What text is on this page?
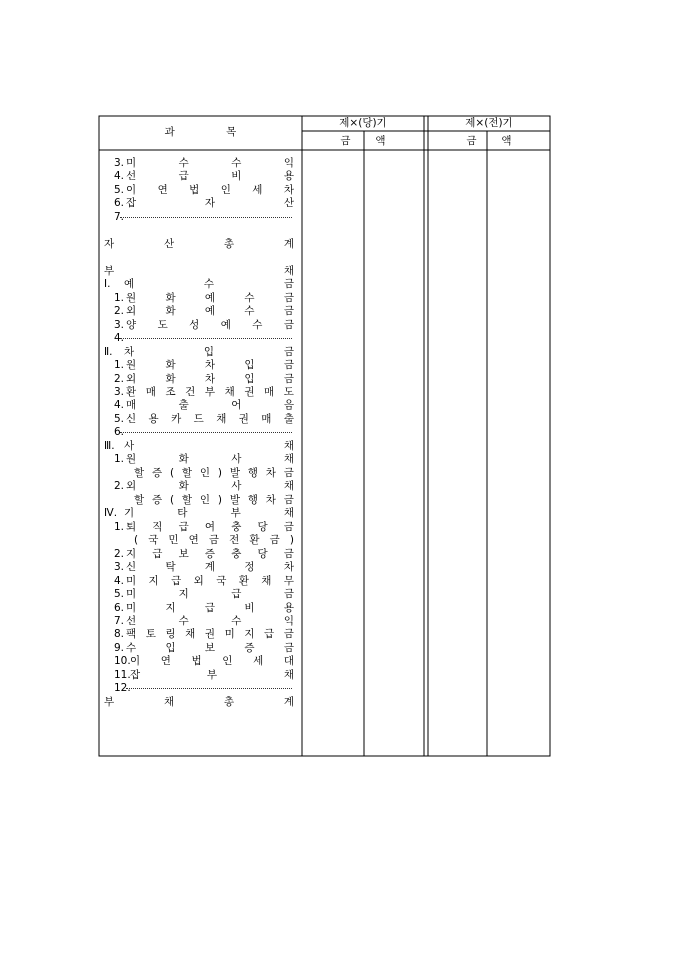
과	목
제×(당)기	제×(전)기
금 액	금 액
3. 미	수	수	익
4. 선	급	비	용
5. 이 연 법 인 세 차
6. 잡	자	산
7.
자	산	총	계
부	채
Ⅰ. 예	수	금
1. 원	화	예	수	금
2. 외	화	예	수	금
3. 양 도 성 예 수 금
4.
Ⅱ. 차	입	금
1. 원	화	차	입	금
2. 외	화	차	입	금
3. 환 매 조 건 부 채 권 매 도
4. 매	출	어	음
5. 신 용 카 드 채 권 매 출
6.
Ⅲ. 사	채
1. 원	화	사	채
할 증 ( 할 인 ) 발 행 차 금
2. 외	화	사	채
할 증 ( 할 인 ) 발 행 차 금
Ⅳ. 기	타	부	채
1. 퇴 직 급 여 충 당 금
( 국 민 연 금 전 환 금 )
2. 지 급 보 증 충 당 금
3. 신	탁	계	정	차
4. 미 지 급 외 국 환 채 무
5. 미	지	급	금
6. 미	지	급	비	용
7. 선	수	수	익
8. 팩 토 링 채 권 미 지 급 금
9. 수	입	보	증	금
10. 이 연 법 인 세 대
11. 잡	부	채
12.
부	채	총	계
